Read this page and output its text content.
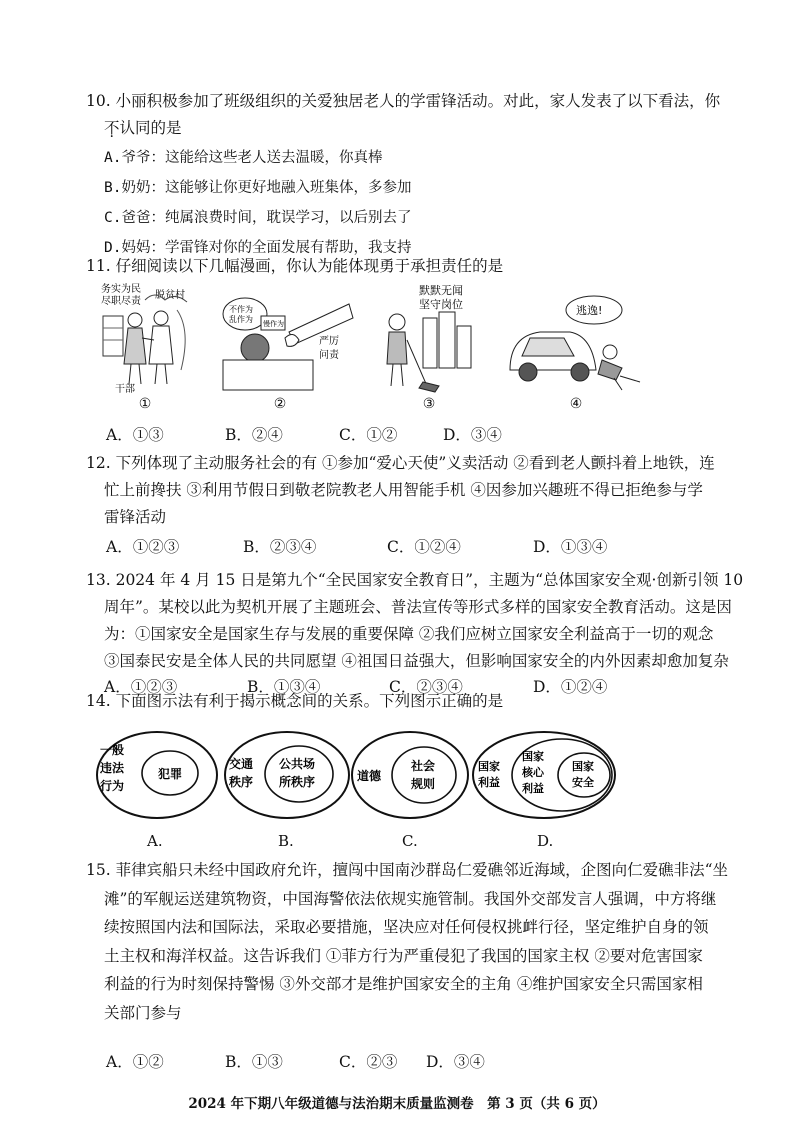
10. 小丽积极参加了班级组织的关爱独居老人的学雷锋活动。对此，家人发表了以下看法，你
不认同的是
A.爷爷：这能给这些老人送去温暖，你真棒
B.奶奶：这能够让你更好地融入班集体，多参加
C.爸爸：纯属浪费时间，耽误学习，以后别去了
D.妈妈：学雷锋对你的全面发展有帮助，我支持
11. 仔细阅读以下几幅漫画，你认为能体现勇于承担责任的是
务实为民
尽职尽责
脱贫村
干部
①
不作为
乱作为 慢作为
严厉
问责
②
默默无闻
坚守岗位
③
逃逸!
④
A．①③	B．②④	C．①②	D．③④
12. 下列体现了主动服务社会的有 ①参加“爱心天使”义卖活动 ②看到老人颤抖着上地铁，连
忙上前搀扶 ③利用节假日到敬老院教老人用智能手机 ④因参加兴趣班不得已拒绝参与学
雷锋活动
A．①②③	B．②③④	C．①②④	D．①③④
13. 2024 年 4 月 15 日是第九个“全民国家安全教育日”，主题为“总体国家安全观·创新引领 10
周年”。某校以此为契机开展了主题班会、普法宣传等形式多样的国家安全教育活动。这是因
为：①国家安全是国家生存与发展的重要保障 ②我们应树立国家安全利益高于一切的观念
③国泰民安是全体人民的共同愿望 ④祖国日益强大，但影响国家安全的内外因素却愈加复杂
A．①②③	B．①③④	C．②③④	D．①②④
14. 下面图示法有利于揭示概念间的关系。下列图示正确的是
一般
违法
行为
犯罪
交通
秩序
公共场
所秩序	道德
社会
规则
国家
利益
国家
核心
利益
国家
安全
A.	B.	C.	D.
15. 菲律宾船只未经中国政府允许，擅闯中国南沙群岛仁爱礁邻近海域，企图向仁爱礁非法“坐
滩”的军舰运送建筑物资，中国海警依法依规实施管制。我国外交部发言人强调，中方将继
续按照国内法和国际法，采取必要措施，坚决应对任何侵权挑衅行径，坚定维护自身的领
土主权和海洋权益。这告诉我们 ①菲方行为严重侵犯了我国的国家主权 ②要对危害国家
利益的行为时刻保持警惕 ③外交部才是维护国家安全的主角 ④维护国家安全只需国家相
关部门参与
A．①②	B．①③	C．②③ D．③④
2024 年下期八年级道德与法治期末质量监测卷　第 3 页（共 6 页）
